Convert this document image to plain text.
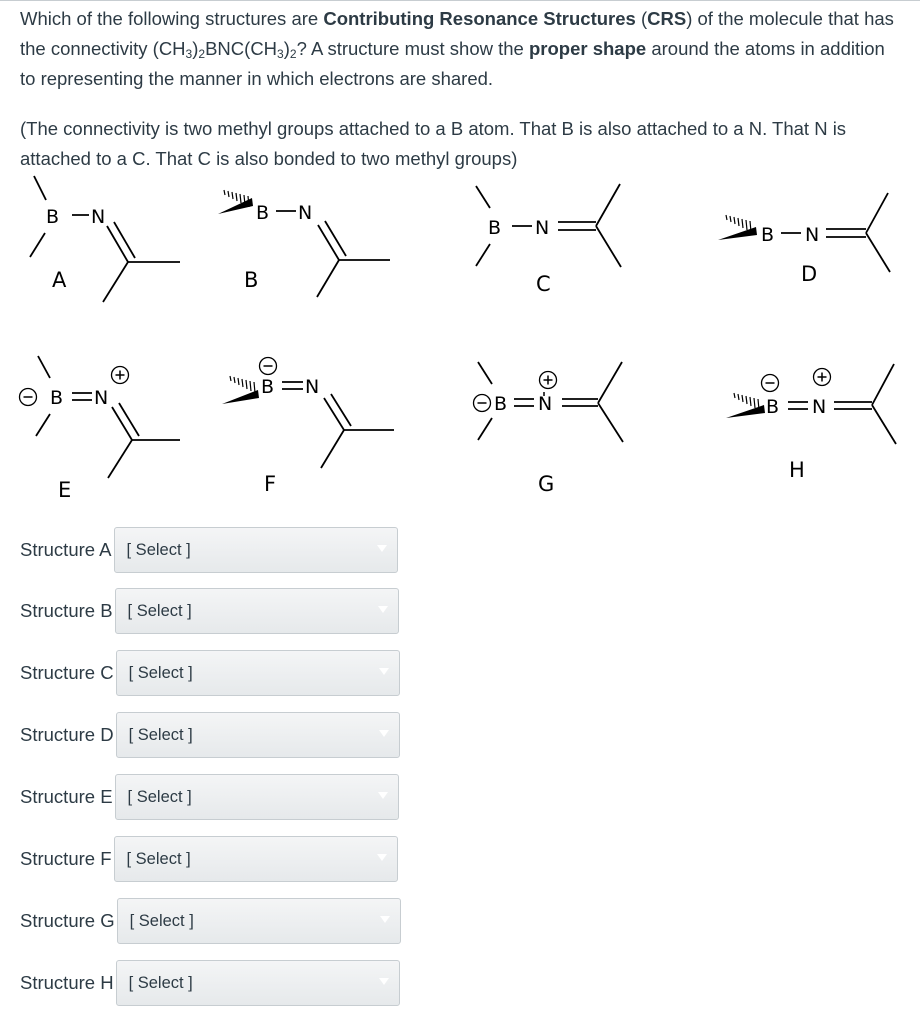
Which of the following structures are Contributing Resonance Structures (CRS) of the molecule that has the connectivity $(CH_3)_2BNC(CH_3)_2$? A structure must show the proper shape around the atoms in addition to representing the manner in which electrons are shared.

(The connectivity is two methyl groups attached to a B atom. That B is also attached to a N. That N is attached to a C. That C is also bonded to two methyl groups)

B N	B N
B N	B N
B N	B N
B N	B N
A	B	C	D
E	F	G
H
Structure A [ Select ]
Structure B [ Select ]
Structure C [ Select ]
Structure D [ Select ]
Structure E [ Select ]
Structure F [ Select ]
Structure G [ Select ]
Structure H [ Select ]
